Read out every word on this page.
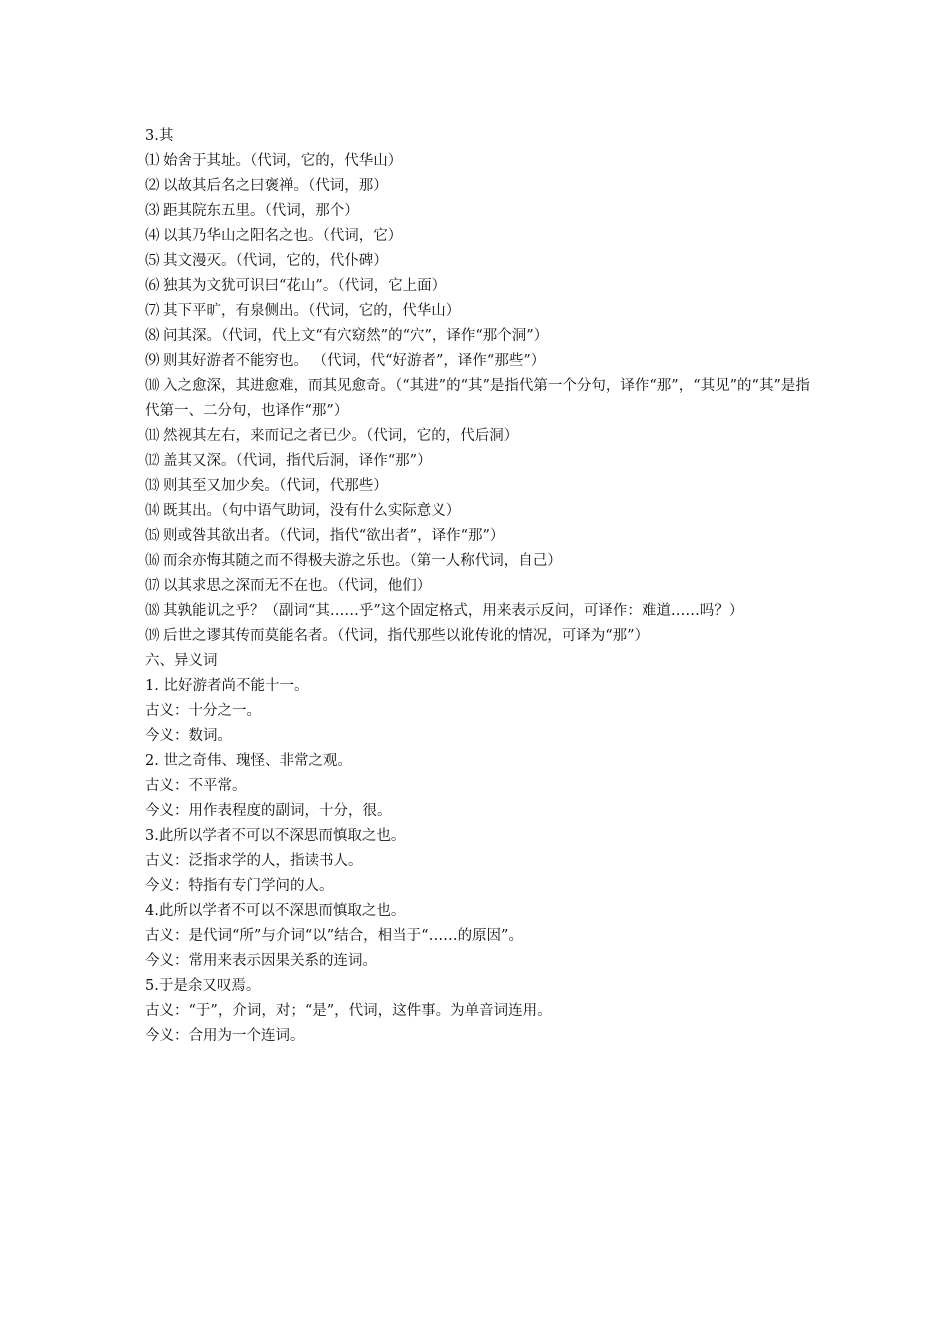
3.其
⑴ 始舍于其址。（代词，它的，代华山）
⑵ 以故其后名之曰褒禅。（代词，那）
⑶ 距其院东五里。（代词，那个）
⑷ 以其乃华山之阳名之也。（代词，它）
⑸ 其文漫灭。（代词，它的，代仆碑）
⑹ 独其为文犹可识曰“花山”。（代词，它上面）
⑺ 其下平旷，有泉侧出。（代词，它的，代华山）
⑻ 问其深。（代词，代上文“有穴窈然”的“穴”，译作“那个洞”）
⑼ 则其好游者不能穷也。 （代词，代“好游者”，译作“那些”）
⑽ 入之愈深，其进愈难，而其见愈奇。（“其进”的“其”是指代第一个分句，译作“那”，“其见”的“其”是指代第一、二分句，也译作“那”）
⑾ 然视其左右，来而记之者已少。（代词，它的，代后洞）
⑿ 盖其又深。（代词，指代后洞，译作“那”）
⒀ 则其至又加少矣。（代词，代那些）
⒁ 既其出。（句中语气助词，没有什么实际意义）
⒂ 则或咎其欲出者。（代词，指代“欲出者”，译作“那”）
⒃ 而余亦悔其随之而不得极夫游之乐也。（第一人称代词，自己）
⒄ 以其求思之深而无不在也。（代词，他们）
⒅ 其孰能讥之乎？（副词“其……乎”这个固定格式，用来表示反问，可译作：难道……吗？）
⒆ 后世之谬其传而莫能名者。（代词，指代那些以讹传讹的情况，可译为“那”）
六、异义词
1. 比好游者尚不能十一。
古义：十分之一。
今义：数词。
2. 世之奇伟、瑰怪、非常之观。
古义：不平常。
今义：用作表程度的副词，十分，很。
3.此所以学者不可以不深思而慎取之也。
古义：泛指求学的人，指读书人。
今义：特指有专门学问的人。
4.此所以学者不可以不深思而慎取之也。
古义：是代词“所”与介词“以”结合，相当于“……的原因”。
今义：常用来表示因果关系的连词。
5.于是余又叹焉。
古义：“于”，介词，对；“是”，代词，这件事。为单音词连用。
今义：合用为一个连词。
